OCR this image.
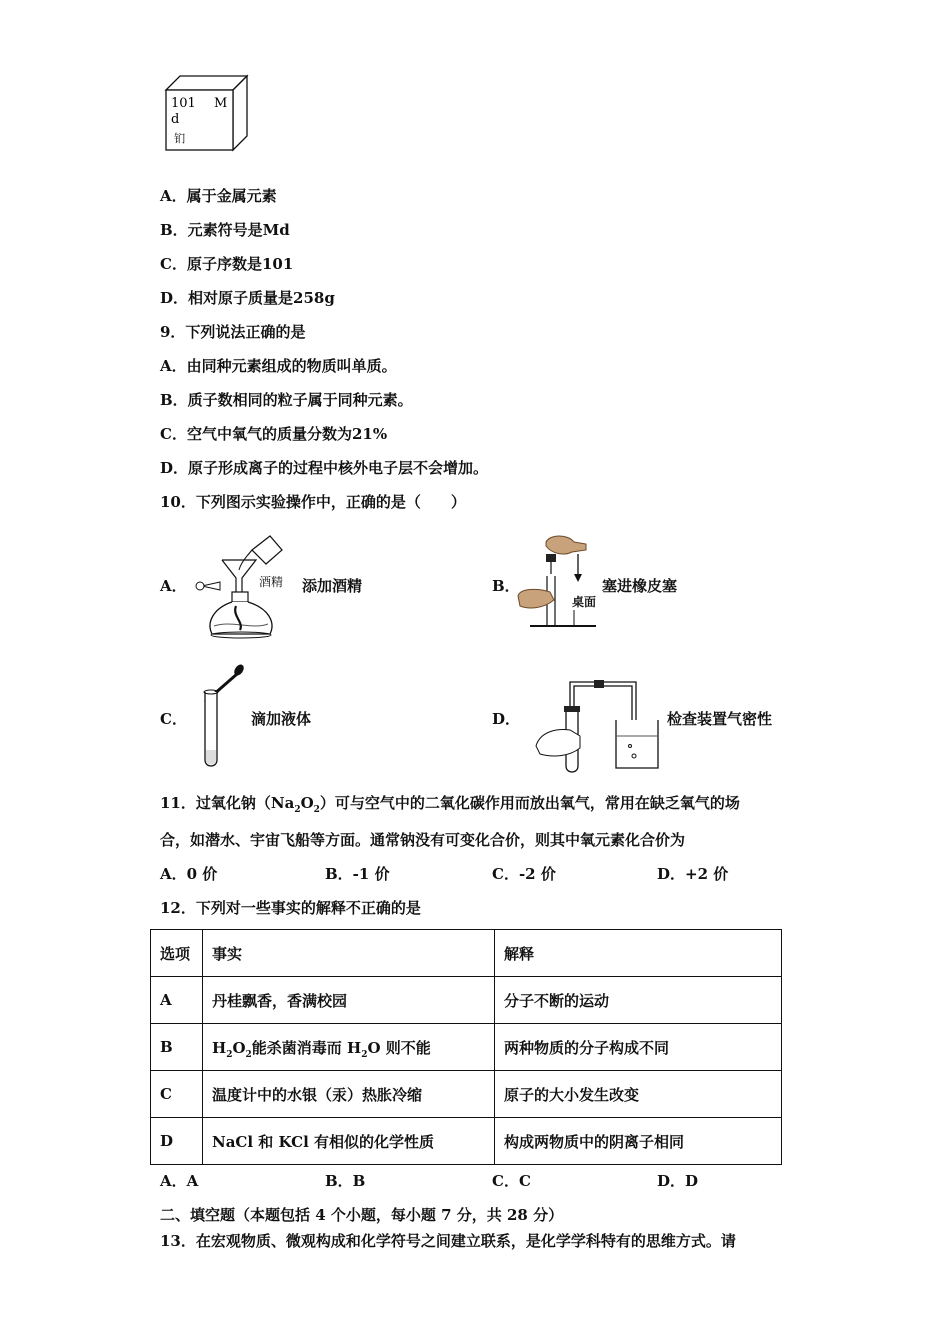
101 M
d
钔
A．属于金属元素
B．元素符号是Md
C．原子序数是101
D．相对原子质量是258g
9．下列说法正确的是
A．由同种元素组成的物质叫单质。
B．质子数相同的粒子属于同种元素。
C．空气中氧气的质量分数为21%
D．原子形成离子的过程中核外电子层不会增加。
10．下列图示实验操作中，正确的是（　　）
A．	酒精 添加酒精	B．
桌面
塞进橡皮塞
C．	滴加液体	D．	检查装置气密性
11．过氧化钠$(Na_2O_2)$可与空气中的二氧化碳作用而放出氧气，常用在缺乏氧气的场
合，如潜水、宇宙飞船等方面。通常钠没有可变化合价，则其中氧元素化合价为
A．0 价	B．-1 价	C．-2 价	D．+2 价
12．下列对一些事实的解释不正确的是
选项	事实	解释
A	丹桂飘香，香满校园	分子不断的运动
B	$H_2O_2$能杀菌消毒而 $H_2O$ 则不能	两种物质的分子构成不同
C	温度计中的水银（汞）热胀冷缩	原子的大小发生改变
D	NaCl 和 KCl 有相似的化学性质	构成两物质中的阴离子相同
A．A	B．B	C．C	D．D
二、填空题（本题包括 4 个小题，每小题 7 分，共 28 分）
13．在宏观物质、微观构成和化学符号之间建立联系，是化学学科特有的思维方式。请
